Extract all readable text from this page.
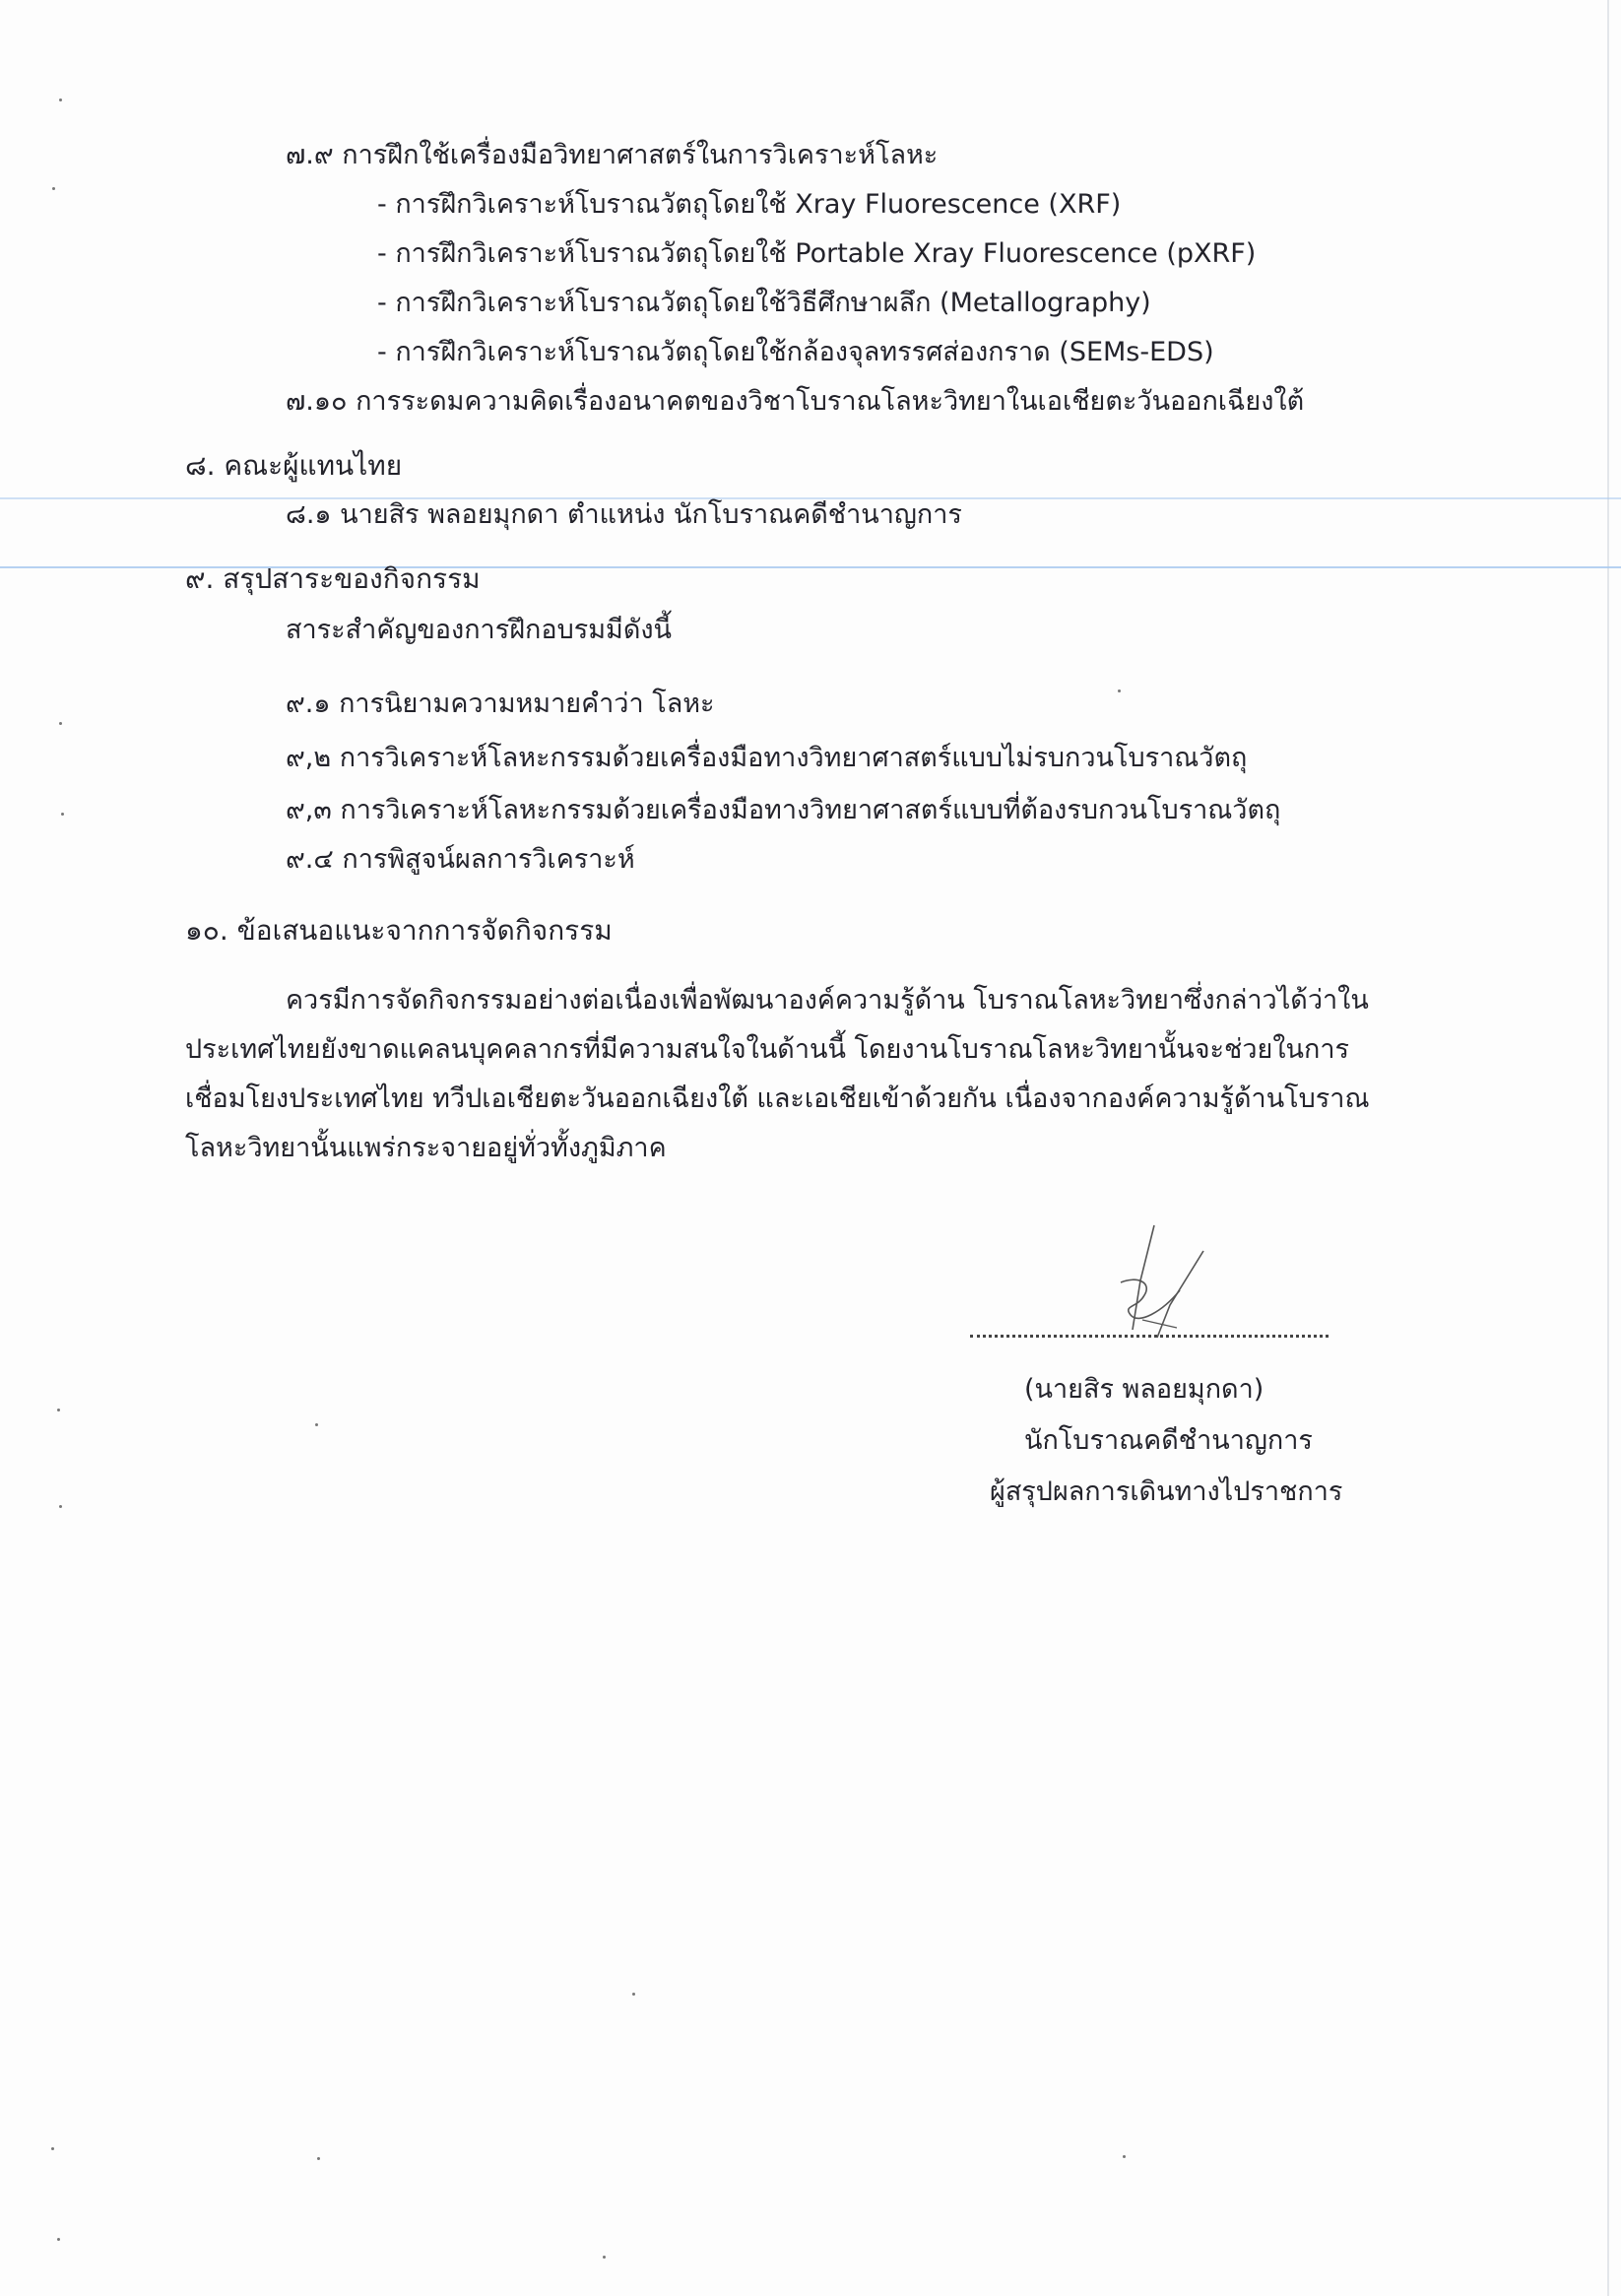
๗.๙ การฝึกใช้เครื่องมือวิทยาศาสตร์ในการวิเคราะห์โลหะ
- การฝึกวิเคราะห์โบราณวัตถุโดยใช้ Xray Fluorescence (XRF)
- การฝึกวิเคราะห์โบราณวัตถุโดยใช้ Portable Xray Fluorescence (pXRF)
- การฝึกวิเคราะห์โบราณวัตถุโดยใช้วิธีศึกษาผลึก (Metallography)
- การฝึกวิเคราะห์โบราณวัตถุโดยใช้กล้องจุลทรรศส่องกราด (SEMs-EDS)
๗.๑๐ การระดมความคิดเรื่องอนาคตของวิชาโบราณโลหะวิทยาในเอเชียตะวันออกเฉียงใต้
๘. คณะผู้แทนไทย
๘.๑ นายสิร พลอยมุกดา ตำแหน่ง นักโบราณคดีชำนาญการ
๙. สรุปสาระของกิจกรรม
สาระสำคัญของการฝึกอบรมมีดังนี้
๙.๑ การนิยามความหมายคำว่า โลหะ
๙,๒ การวิเคราะห์โลหะกรรมด้วยเครื่องมือทางวิทยาศาสตร์แบบไม่รบกวนโบราณวัตถุ
๙,๓ การวิเคราะห์โลหะกรรมด้วยเครื่องมือทางวิทยาศาสตร์แบบที่ต้องรบกวนโบราณวัตถุ
๙.๔ การพิสูจน์ผลการวิเคราะห์
๑๐. ข้อเสนอแนะจากการจัดกิจกรรม
ควรมีการจัดกิจกรรมอย่างต่อเนื่องเพื่อพัฒนาองค์ความรู้ด้าน โบราณโลหะวิทยาซึ่งกล่าวได้ว่าใน
ประเทศไทยยังขาดแคลนบุคคลากรที่มีความสนใจในด้านนี้ โดยงานโบราณโลหะวิทยานั้นจะช่วยในการ
เชื่อมโยงประเทศไทย ทวีปเอเชียตะวันออกเฉียงใต้ และเอเชียเข้าด้วยกัน เนื่องจากองค์ความรู้ด้านโบราณ
โลหะวิทยานั้นแพร่กระจายอยู่ทั่วทั้งภูมิภาค
(นายสิร พลอยมุกดา)
นักโบราณคดีชำนาญการ
ผู้สรุปผลการเดินทางไปราชการ
